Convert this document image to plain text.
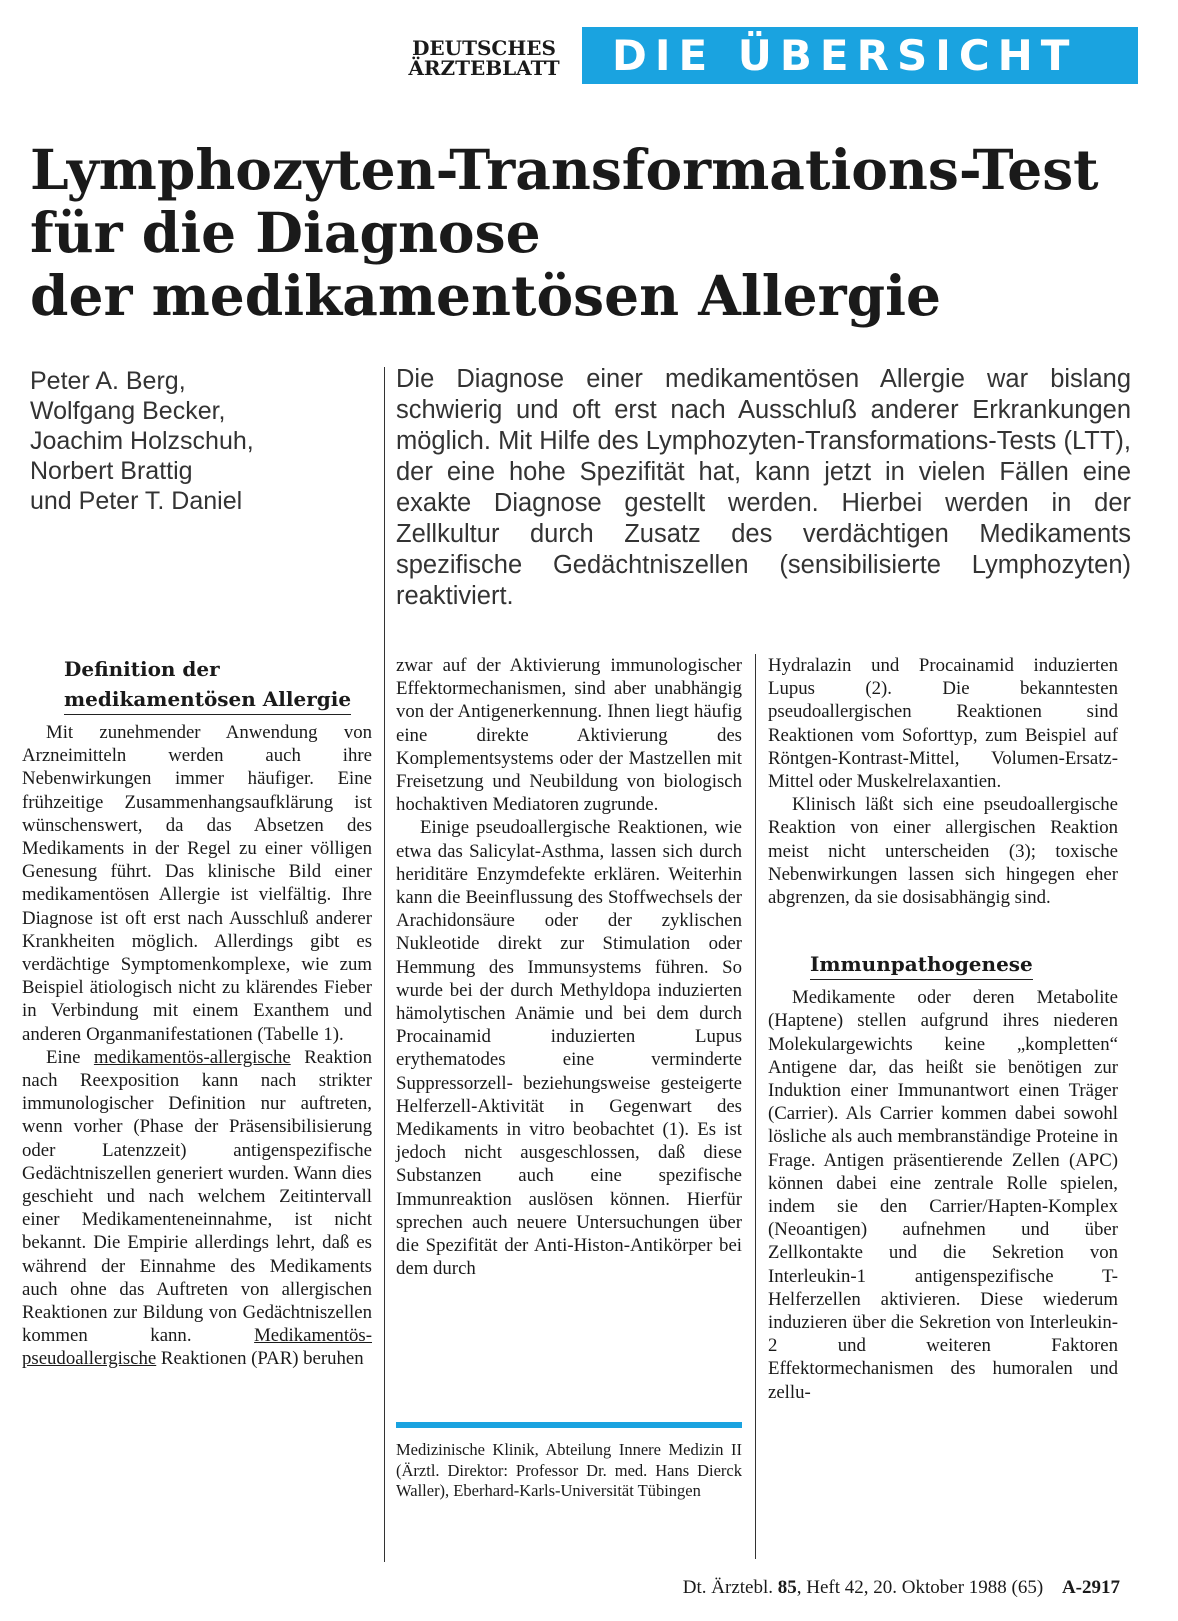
DEUTSCHES
ÄRZTEBLATT	DIE ÜBERSICHT
Lymphozyten-Transformations-Test
für die Diagnose
der medikamentösen Allergie
Peter A. Berg,
Wolfgang Becker,
Joachim Holzschuh,
Norbert Brattig
und Peter T. Daniel
Die Diagnose einer medikamentösen Allergie war bislang schwierig und oft erst nach Ausschluß anderer Erkrankungen möglich. Mit Hilfe des Lymphozyten-Transformations-Tests (LTT), der eine hohe Spezifität hat, kann jetzt in vielen Fällen eine exakte Diagnose gestellt werden. Hierbei werden in der Zellkultur durch Zusatz des verdächtigen Medikaments spezifische Gedächtniszellen (sensibilisierte Lymphozyten) reaktiviert.
Definition der
medikamentösen Allergie

Mit zunehmender Anwendung von Arzneimitteln werden auch ihre Nebenwirkungen immer häufiger. Eine frühzeitige Zusammenhangsaufklärung ist wünschenswert, da das Absetzen des Medikaments in der Regel zu einer völligen Genesung führt. Das klinische Bild einer medikamentösen Allergie ist vielfältig. Ihre Diagnose ist oft erst nach Ausschluß anderer Krankheiten möglich. Allerdings gibt es verdächtige Symptomenkomplexe, wie zum Beispiel ätiologisch nicht zu klärendes Fieber in Verbindung mit einem Exanthem und anderen Organmanifestationen (Tabelle 1).

Eine medikamentös-allergische Reaktion nach Reexposition kann nach strikter immunologischer Definition nur auftreten, wenn vorher (Phase der Präsensibilisierung oder Latenzzeit) antigenspezifische Gedächtniszellen generiert wurden. Wann dies geschieht und nach welchem Zeitintervall einer Medikamenteneinnahme, ist nicht bekannt. Die Empirie allerdings lehrt, daß es während der Einnahme des Medikaments auch ohne das Auftreten von allergischen Reaktionen zur Bildung von Gedächtniszellen kommen kann.	Medikamentös-pseudoallergische Reaktionen (PAR) beruhen

zwar auf der Aktivierung immunologischer Effektormechanismen, sind aber unabhängig von der Antigenerkennung. Ihnen liegt häufig eine direkte Aktivierung des Komplementsystems oder der Mastzellen mit Freisetzung und Neubildung von biologisch hochaktiven Mediatoren zugrunde.

Einige pseudoallergische Reaktionen, wie etwa das Salicylat-Asthma, lassen sich durch heriditäre Enzymdefekte erklären. Weiterhin kann die Beeinflussung des Stoffwechsels der Arachidonsäure oder der zyklischen Nukleotide direkt zur Stimulation oder Hemmung des Immunsystems führen. So wurde bei der durch Methyldopa induzierten hämolytischen Anämie und bei dem durch Procainamid induzierten Lupus erythematodes eine verminderte Suppressorzell- beziehungsweise gesteigerte Helferzell-Aktivität in Gegenwart des Medikaments in vitro beobachtet (1). Es ist jedoch nicht ausgeschlossen, daß diese Substanzen auch eine spezifische Immunreaktion auslösen können. Hierfür sprechen auch neuere Untersuchungen über die Spezifität der Anti-Histon-Antikörper bei dem durch

Medizinische Klinik, Abteilung Innere Medizin II (Ärztl. Direktor: Professor Dr. med. Hans Dierck Waller), Eberhard-Karls-Universität Tübingen

Hydralazin und Procainamid induzierten Lupus (2). Die bekanntesten pseudoallergischen Reaktionen sind Reaktionen vom Soforttyp, zum Beispiel auf Röntgen-Kontrast-Mittel, Volumen-Ersatz-Mittel oder Muskelrelaxantien.

Klinisch läßt sich eine pseudoallergische Reaktion von einer allergischen Reaktion meist nicht unterscheiden (3); toxische Nebenwirkungen lassen sich hingegen eher abgrenzen, da sie dosisabhängig sind.

Immunpathogenese

Medikamente oder deren Metabolite (Haptene) stellen aufgrund ihres niederen Molekulargewichts keine „kompletten“ Antigene dar, das heißt sie benötigen zur Induktion einer Immunantwort einen Träger (Carrier). Als Carrier kommen dabei sowohl lösliche als auch membranständige Proteine in Frage. Antigen präsentierende Zellen (APC) können dabei eine zentrale Rolle spielen, indem sie den Carrier/Hapten-Komplex (Neoantigen) aufnehmen und über Zellkontakte und die Sekretion von Interleukin-1 antigenspezifische T-Helferzellen aktivieren. Diese wiederum induzieren über die Sekretion von Interleukin-2 und weiteren Faktoren Effektormechanismen des humoralen und zellu-

Dt. Ärztebl. 85, Heft 42, 20. Oktober 1988 (65) A-2917
